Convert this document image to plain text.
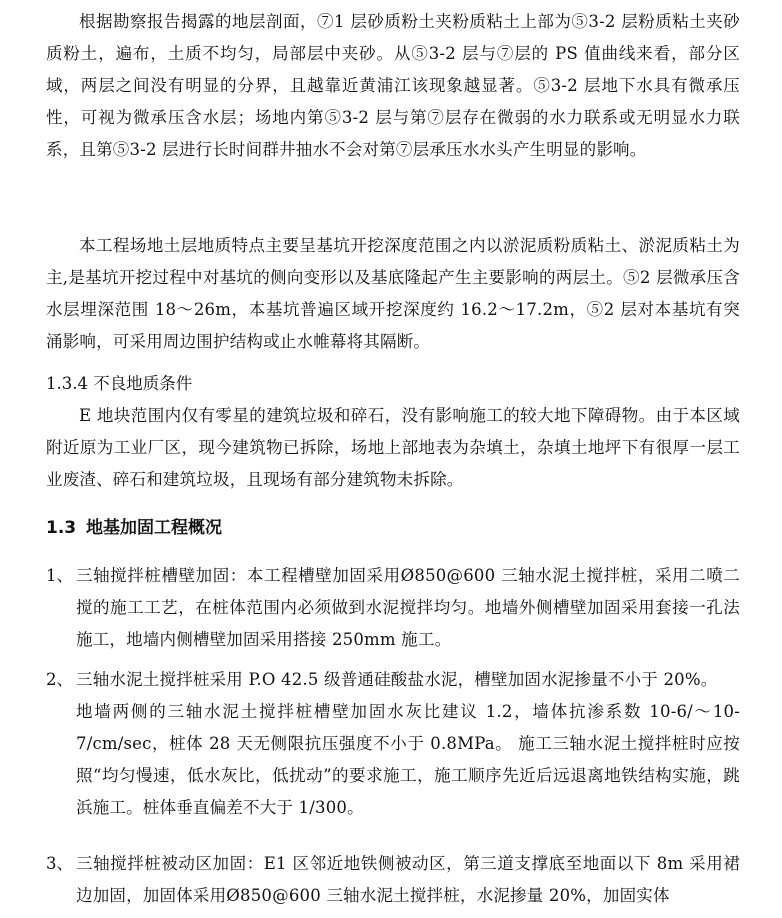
根据勘察报告揭露的地层剖面，⑦1 层砂质粉土夹粉质粘土上部为⑤3-2 层粉质粘土夹砂质粉土，遍布，土质不均匀，局部层中夹砂。从⑤3-2 层与⑦层的 PS 值曲线来看，部分区域，两层之间没有明显的分界，且越靠近黄浦江该现象越显著。⑤3-2 层地下水具有微承压性，可视为微承压含水层；场地内第⑤3-2 层与第⑦层存在微弱的水力联系或无明显水力联系，且第⑤3-2 层进行长时间群井抽水不会对第⑦层承压水水头产生明显的影响。

本工程场地土层地质特点主要呈基坑开挖深度范围之内以淤泥质粉质粘土、淤泥质粘土为主,是基坑开挖过程中对基坑的侧向变形以及基底隆起产生主要影响的两层土。⑤2 层微承压含水层埋深范围 18～26m，本基坑普遍区域开挖深度约 16.2～17.2m，⑤2 层对本基坑有突涌影响，可采用周边围护结构或止水帷幕将其隔断。

1.3.4 不良地质条件

E 地块范围内仅有零星的建筑垃圾和碎石，没有影响施工的较大地下障碍物。由于本区域附近原为工业厂区，现今建筑物已拆除，场地上部地表为杂填土，杂填土地坪下有很厚一层工业废渣、碎石和建筑垃圾，且现场有部分建筑物未拆除。

1.3 地基加固工程概况

1、 三轴搅拌桩槽壁加固：本工程槽壁加固采用Ø850@600 三轴水泥土搅拌桩，采用二喷二搅的施工工艺，在桩体范围内必须做到水泥搅拌均匀。地墙外侧槽壁加固采用套接一孔法施工，地墙内侧槽壁加固采用搭接 250mm 施工。
2、 三轴水泥土搅拌桩采用 P.O 42.5 级普通硅酸盐水泥，槽壁加固水泥掺量不小于 20%。
地墙两侧的三轴水泥土搅拌桩槽壁加固水灰比建议 1.2，墙体抗渗系数 10-6/～10-7/cm/sec，桩体 28 天无侧限抗压强度不小于 0.8MPa。 施工三轴水泥土搅拌桩时应按照“均匀慢速，低水灰比，低扰动”的要求施工，施工顺序先近后远退离地铁结构实施，跳浜施工。桩体垂直偏差不大于 1/300。
3、 三轴搅拌桩被动区加固：E1 区邻近地铁侧被动区，第三道支撑底至地面以下 8m 采用裙边加固，加固体采用Ø850@600 三轴水泥土搅拌桩，水泥掺量 20%，加固实体
